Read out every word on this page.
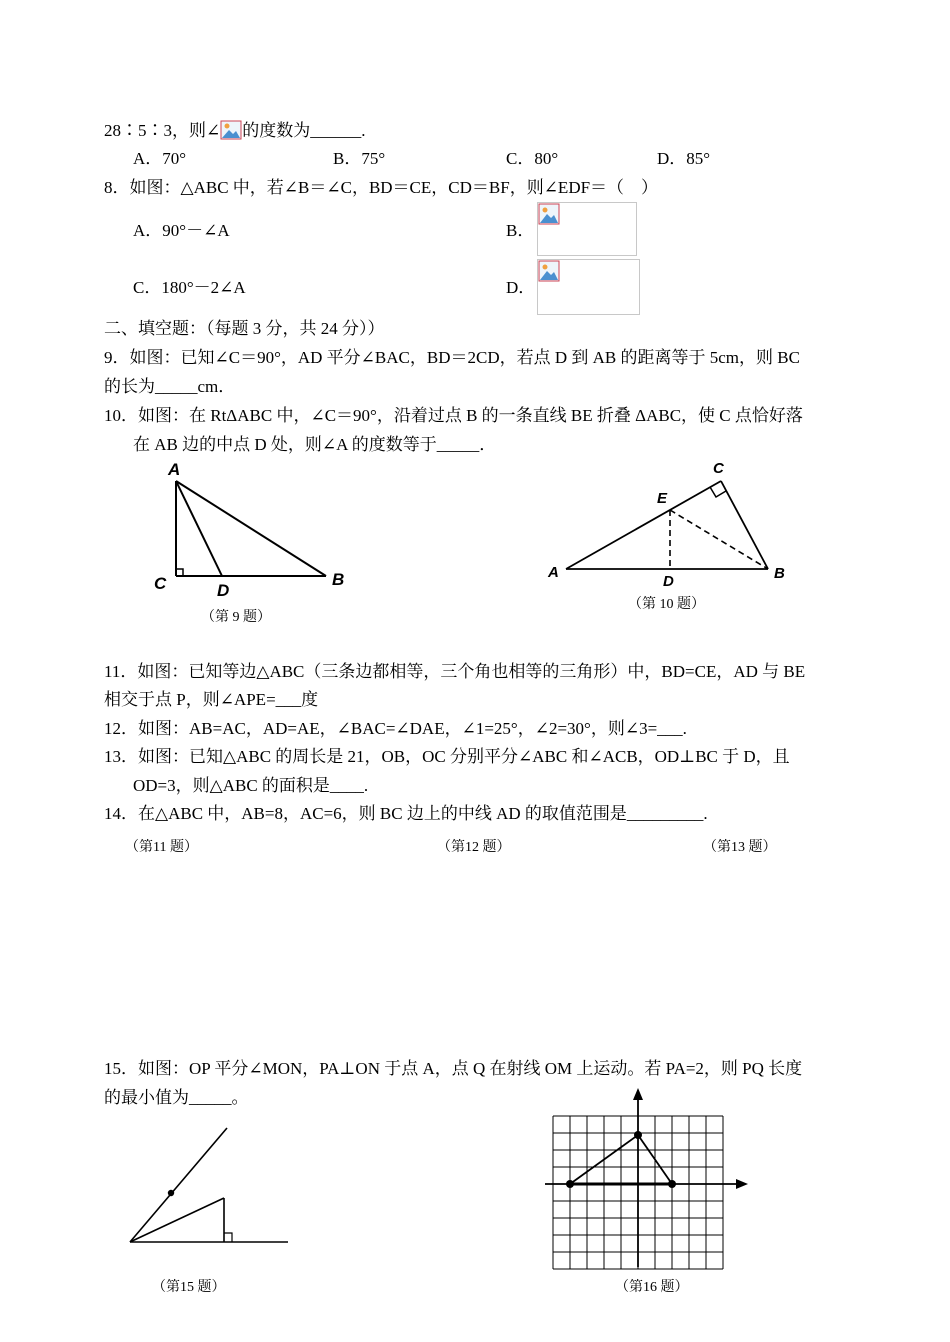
28∶5∶3，则∠ 的度数为______.
A．70°	B．75°	C．80°	D．85°
8．如图：△ABC 中，若∠B＝∠C，BD＝CE，CD＝BF，则∠EDF＝（　）
A．90°－∠A	B．
C．180°－2∠A	D．
二、填空题：（每题 3 分，共 24 分））
9．如图：已知∠C＝90°，AD 平分∠BAC，BD＝2CD，若点 D 到 AB 的距离等于 5cm，则 BC
的长为_____cm．
10．如图：在 RtΔABC 中，∠C＝90°，沿着过点 B 的一条直线 BE 折叠 ΔABC，使 C 点恰好落
在 AB 边的中点 D 处，则∠A 的度数等于_____．
A
C	D
B
（第 9 题）
A
E
C
D	B
（第 10 题）
11．如图：已知等边△ABC（三条边都相等，三个角也相等的三角形）中，BD=CE，AD 与 BE
相交于点 P，则∠APE=___度
12．如图：AB=AC，AD=AE，∠BAC=∠DAE，∠1=25°，∠2=30°，则∠3=___.
13．如图：已知△ABC 的周长是 21，OB，OC 分别平分∠ABC 和∠ACB，OD⊥BC 于 D，且
OD=3，则△ABC 的面积是____.
14．在△ABC 中，AB=8，AC=6，则 BC 边上的中线 AD 的取值范围是_________.
（第11 题）	（第12 题）	（第13 题）
15．如图：OP 平分∠MON，PA⊥ON 于点 A，点 Q 在射线 OM 上运动。若 PA=2，则 PQ 长度
的最小值为_____。
（第15 题）	（第16 题）
